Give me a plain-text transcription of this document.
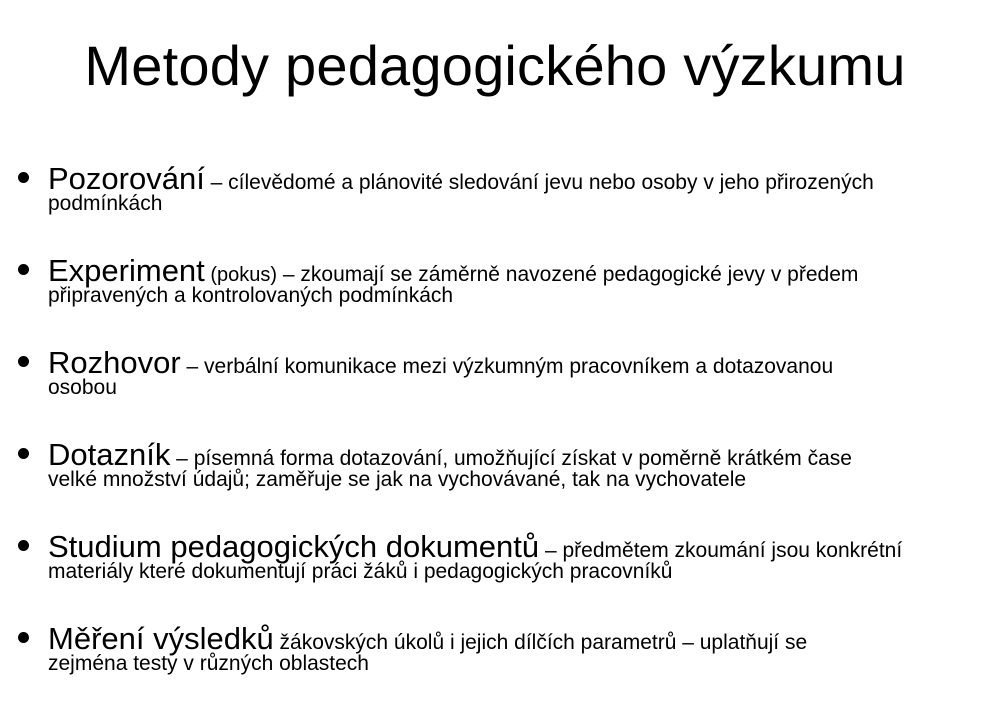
Metody pedagogického výzkumu
Pozorování – cílevědomé a plánovité sledování jevu nebo osoby v jeho přirozených
podmínkách
Experiment (pokus) – zkoumají se záměrně navozené pedagogické jevy v předem
připravených a kontrolovaných podmínkách
Rozhovor – verbální komunikace mezi výzkumným pracovníkem a dotazovanou
osobou
Dotazník – písemná forma dotazování, umožňující získat v poměrně krátkém čase
velké množství údajů; zaměřuje se jak na vychovávané, tak na vychovatele
Studium pedagogických dokumentů – předmětem zkoumání jsou konkrétní
materiály které dokumentují práci žáků i pedagogických pracovníků
Měření výsledků žákovských úkolů i jejich dílčích parametrů – uplatňují se
zejména testy v různých oblastech
